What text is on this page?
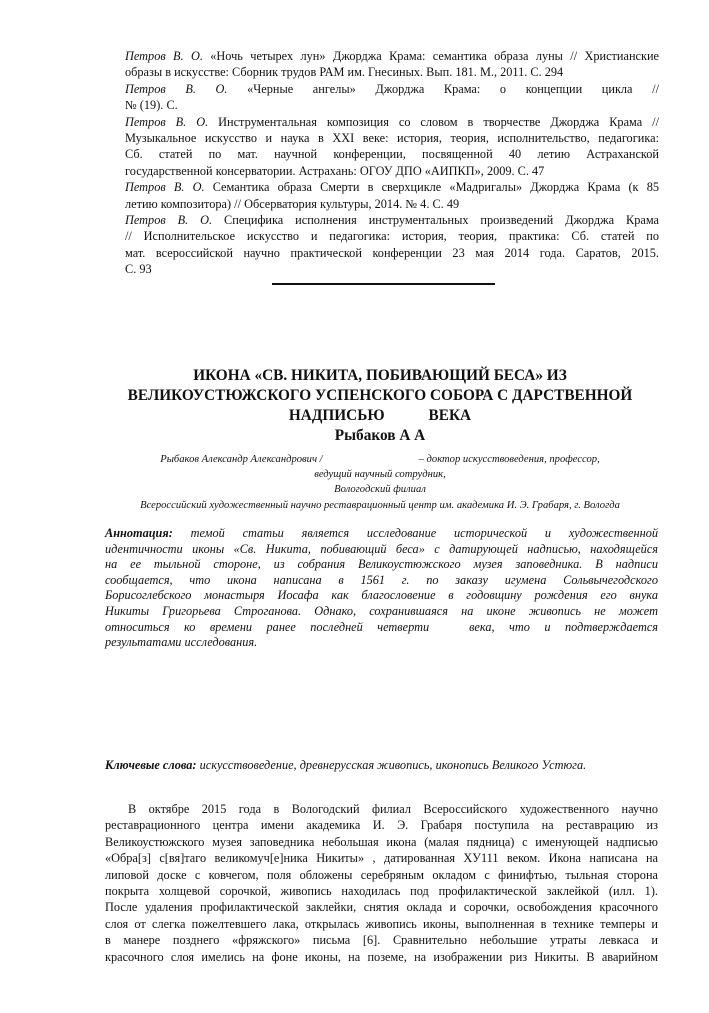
Петров В. О. «Ночь четырех лун» Джорджа Крама: семантика образа луны // Христианские
образы в искусстве: Сборник трудов РАМ им. Гнесиных. Вып. 181. М., 2011. С. 294
Петров В. О. «Черные ангелы» Джорджа Крама: о концепции цикла //
№ (19). С.
Петров В. О. Инструментальная композиция со словом в творчестве Джорджа Крама //
Музыкальное искусство и наука в XXI веке: история, теория, исполнительство, педагогика:
Сб. статей по мат. научной конференции, посвященной 40 летию Астраханской
государственной консерватории. Астрахань: ОГОУ ДПО «АИПКП», 2009. С. 47
Петров В. О. Семантика образа Смерти в сверхцикле «Мадригалы» Джорджа Крама (к 85
летию композитора) // Обсерватория культуры, 2014. № 4. С. 49
Петров В. О. Специфика исполнения инструментальных произведений Джорджа Крама
// Исполнительское искусство и педагогика: история, теория, практика: Сб. статей по
мат. всероссийской научно практической конференции 23 мая 2014 года. Саратов, 2015.
С. 93
ИКОНА «СВ. НИКИТА, ПОБИВАЮЩИЙ БЕСА» ИЗ
ВЕЛИКОУСТЮЖСКОГО УСПЕНСКОГО СОБОРА С ДАРСТВЕННОЙ
НАДПИСЬЮ	ВЕКА
Рыбаков А А
Рыбаков Александр Александрович /	– доктор искусствоведения, профессор,
ведущий научный сотрудник,
Вологодский филиал
Всероссийский художественный научно реставрационный центр им. академика И. Э. Грабаря, г. Вологда
Аннотация: темой статьи является исследование исторической и художественной
идентичности иконы «Св. Никита, побивающий беса» с датирующей надписью, находящейся
на ее тыльной стороне, из собрания Великоустюжского музея заповедника. В надписи
сообщается, что икона написана в 1561 г. по заказу игумена Сольвычегодского
Борисоглебского монастыря Иосафа как благословение в годовщину рождения его внука
Никиты Григорьева Строганова. Однако, сохранившаяся на иконе живопись не может
относиться ко времени ранее последней четверти	века, что и подтверждается
результатами исследования.
Ключевые слова: искусствоведение, древнерусская живопись, иконопись Великого Устюга.
В октябре 2015 года в Вологодский филиал Всероссийского художественного научно
реставрационного центра имени академика И. Э. Грабаря поступила на реставрацию из
Великоустюжского музея заповедника небольшая икона (малая пядница) с именующей надписью
«Обра[з] с[вя]таго великомуч[е]ника Никиты» , датированная XУ111 веком. Икона написана на
липовой доске с ковчегом, поля обложены серебряным окладом с финифтью, тыльная сторона
покрыта холщевой сорочкой, живопись находилась под профилактической заклейкой (илл. 1).
После удаления профилактической заклейки, снятия оклада и сорочки, освобождения красочного
слоя от слегка пожелтевшего лака, открылась живопись иконы, выполненная в технике темперы и
в манере позднего «фряжского» письма [6]. Сравнительно небольшие утраты левкаса и
красочного слоя имелись на фоне иконы, на поземе, на изображении риз Никиты. В аварийном
